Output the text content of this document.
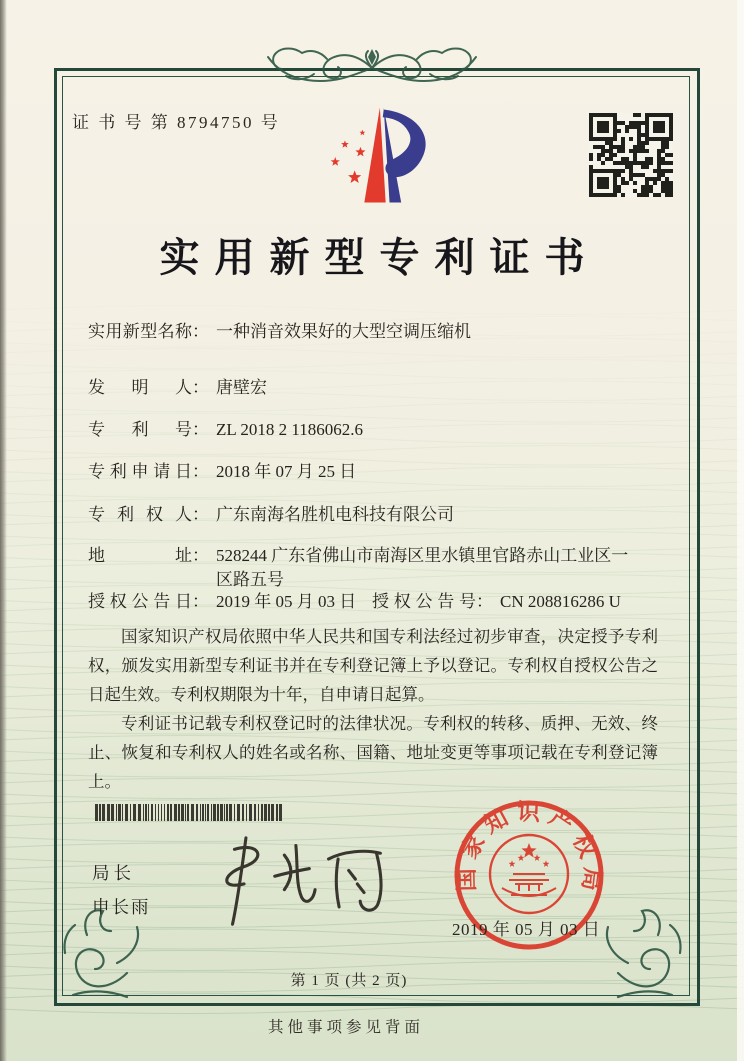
证 书 号 第 8794750 号
实用新型专利证书
实用新型名称： 一种消音效果好的大型空调压缩机
发明人： 唐壁宏
专利号： ZL 2018 2 1186062.6
专利申请日： 2018 年 07 月 25 日
专利权人： 广东南海名胜机电科技有限公司
地址： 528244 广东省佛山市南海区里水镇里官路赤山工业区一区路五号
授权公告日： 2019 年 05 月 03 日 授权公告号： CN 208816286 U

国家知识产权局依照中华人民共和国专利法经过初步审查，决定授予专利权，颁发实用新型专利证书并在专利登记簿上予以登记。专利权自授权公告之日起生效。专利权期限为十年，自申请日起算。

专利证书记载专利权登记时的法律状况。专利权的转移、质押、无效、终止、恢复和专利权人的姓名或名称、国籍、地址变更等事项记载在专利登记簿上。

局长
申长雨
国家知识产权局
2019 年 05 月 03 日
第 1 页 (共 2 页)
其他事项参见背面
